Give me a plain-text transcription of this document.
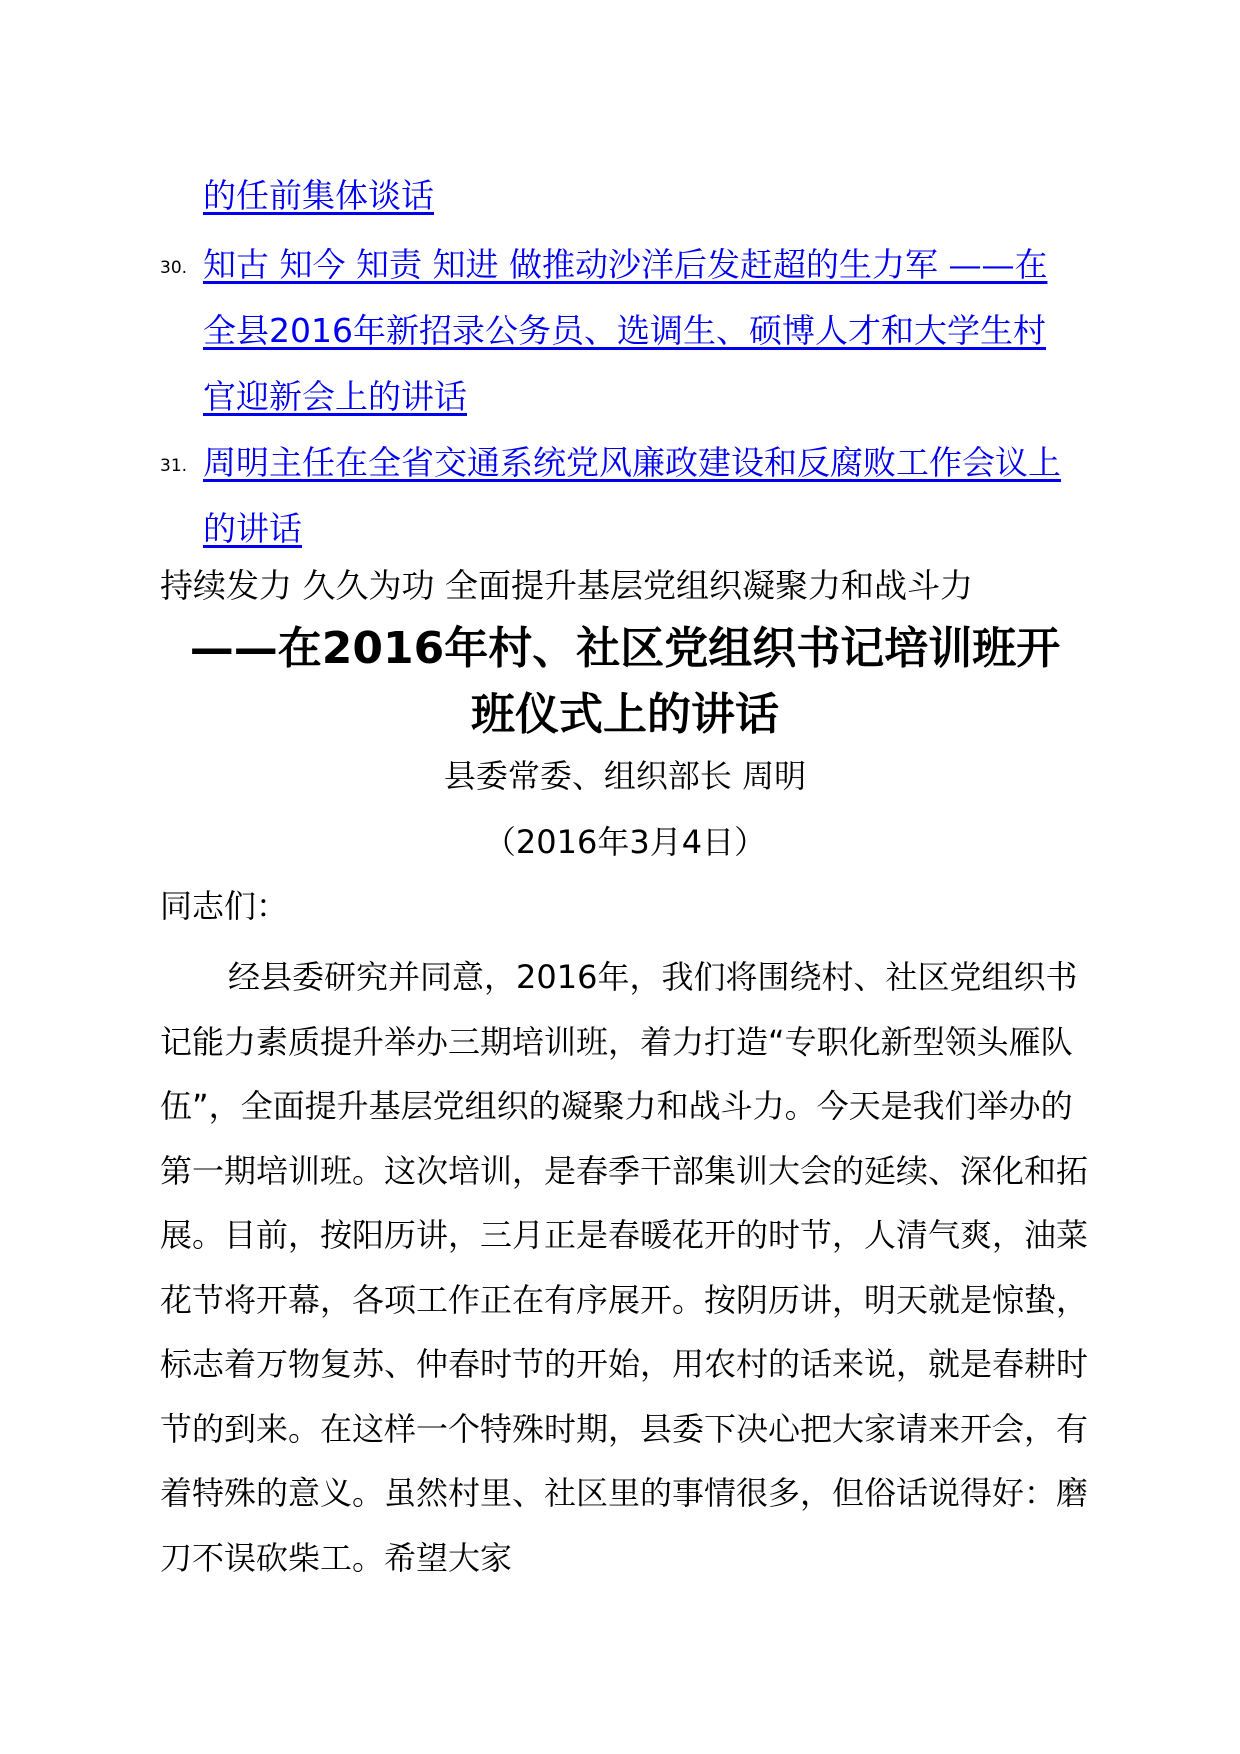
的任前集体谈话
30. 知古 知今 知责 知进 做推动沙洋后发赶超的生力军 ——在
全县2016年新招录公务员、选调生、硕博人才和大学生村
官迎新会上的讲话
31. 周明主任在全省交通系统党风廉政建设和反腐败工作会议上
的讲话
持续发力 久久为功 全面提升基层党组织凝聚力和战斗力
——在2016年村、社区党组织书记培训班开
班仪式上的讲话
县委常委、组织部长 周明
（2016年3月4日）
同志们：
经县委研究并同意，2016年，我们将围绕村、社区党组织书记能力素质提升举办三期培训班，着力打造“专职化新型领头雁队伍”，全面提升基层党组织的凝聚力和战斗力。今天是我们举办的第一期培训班。这次培训，是春季干部集训大会的延续、深化和拓展。目前，按阳历讲，三月正是春暖花开的时节，人清气爽，油菜花节将开幕，各项工作正在有序展开。按阴历讲，明天就是惊蛰，标志着万物复苏、仲春时节的开始，用农村的话来说，就是春耕时节的到来。在这样一个特殊时期，县委下决心把大家请来开会，有着特殊的意义。虽然村里、社区里的事情很多，但俗话说得好：磨刀不误砍柴工。希望大家
